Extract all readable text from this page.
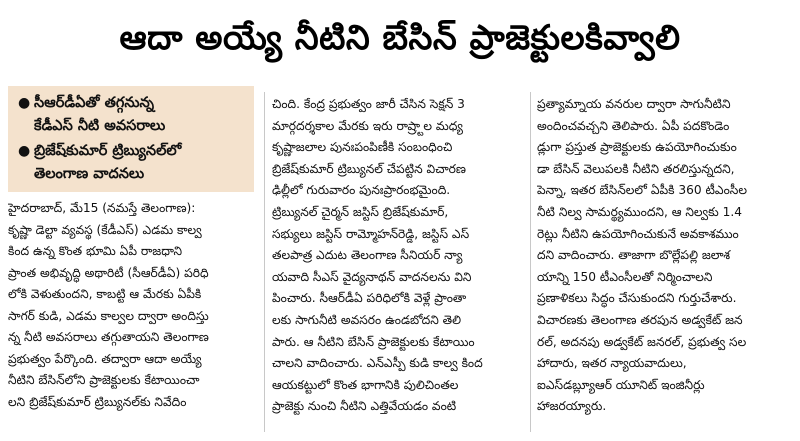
ఆదా అయ్యే నీటిని బేసిన్‌ ప్రాజెక్టులకివ్వాలి
● సీఆర్‌డీఏతో తగ్గనున్న
కేడీఎస్‌ నీటి అవసరాలు
● బ్రిజేష్‌కుమార్‌ ట్రిబ్యునల్‌లో
తెలంగాణ వాదనలు
హైదరాబాద్‌, మే15 (నమస్తే తెలంగాణ):
కృష్ణా డెల్టా వ్యవస్థ (కేడీఎస్‌) ఎడమ కాల్వ
కింద ఉన్న కొంత భూమి ఏపీ రాజధాని
ప్రాంత అభివృద్ధి అథారిటీ (సీఆర్‌డీఏ) పరిధి
లోకి వెళుతుందని, కాబట్టి ఆ మేరకు ఏపీకి
సాగర్‌ కుడి, ఎడమ కాల్వల ద్వారా అందిస్తు
న్న నీటి అవసరాలు తగ్గుతాయని తెలంగాణ
ప్రభుత్వం పేర్కొంది. తద్వారా ఆదా అయ్యే
నీటిని బేసిన్‌లోని ప్రాజెక్టులకు కేటాయించా
లని బ్రిజేష్‌కుమార్‌ ట్రిబ్యునల్‌కు నివేదిం
చింది. కేంద్ర ప్రభుత్వం జారీ చేసిన సెక్షన్‌ 3
మార్గదర్శకాల మేరకు ఇరు రాష్ర్టాల మధ్య
కృష్ణాజలాల పునఃపంపిణీకి సంబంధించి
బ్రిజేష్‌కుమార్‌ ట్రిబ్యునల్‌ చేపట్టిన విచారణ
ఢిల్లీలో గురువారం పునఃప్రారంభమైంది.
ట్రిబ్యునల్‌ చైర్మన్‌ జస్టిస్‌ బ్రిజేష్‌కుమార్‌,
సభ్యులు జస్టిస్‌ రామ్మోహన్‌రెడ్డి, జస్టిస్‌ ఎస్‌
తలపాత్ర ఎదుట తెలంగాణ సీనియర్‌ న్యా
యవాది సీఎస్‌ వైద్యనాథన్‌ వాదనలను విని
పించారు. సీఆర్‌డీఏ పరిధిలోకి వెళ్లే ప్రాంతా
లకు సాగునీటి అవసరం ఉండబోదని తెలి
పారు. ఆ నీటిని బేసిన్‌ ప్రాజెక్టులకు కేటాయిం
చాలని వాదించారు. ఎన్‌ఎస్పీ కుడి కాల్వ కింద
ఆయకట్టులో కొంత భాగానికి పులిచింతల
ప్రాజెక్టు నుంచి నీటిని ఎత్తివేయడం వంటి
ప్రత్యామ్నాయ వనరుల ద్వారా సాగునీటిని
అందించవచ్చని తెలిపారు. ఏపీ పదకొండెం
డ్లుగా ప్రస్తుత ప్రాజెక్టులకు ఉపయోగించుకుం
డా బేసిన్‌ వెలుపలకి నీటిని తరలిస్తున్నదని,
పెన్నా, ఇతర బేసిన్‌లలో ఏపీకి 360 టీఎంసీల
నీటి నిల్వ సామర్థ్యముందని, ఆ నిల్వకు 1.4
రెట్లు నీటిని ఉపయోగించుకునే అవకాశముం
దని వాదించారు. తాజాగా బొల్లేపల్లి జలాశ
యాన్ని 150 టీఎంసీలతో నిర్మించాలని
ప్రణాళికలు సిద్ధం చేసుకుందని గుర్తుచేశారు.
విచారణకు తెలంగాణ తరపున అడ్వకేట్‌ జన
రల్‌, అదనపు అడ్వకేట్‌ జనరల్‌, ప్రభుత్వ సల
హాదారు, ఇతర న్యాయవాదులు,
ఐఎస్‌డబ్ల్యూఆర్‌ యూనిట్‌ ఇంజినీర్లు
హాజరయ్యారు.
